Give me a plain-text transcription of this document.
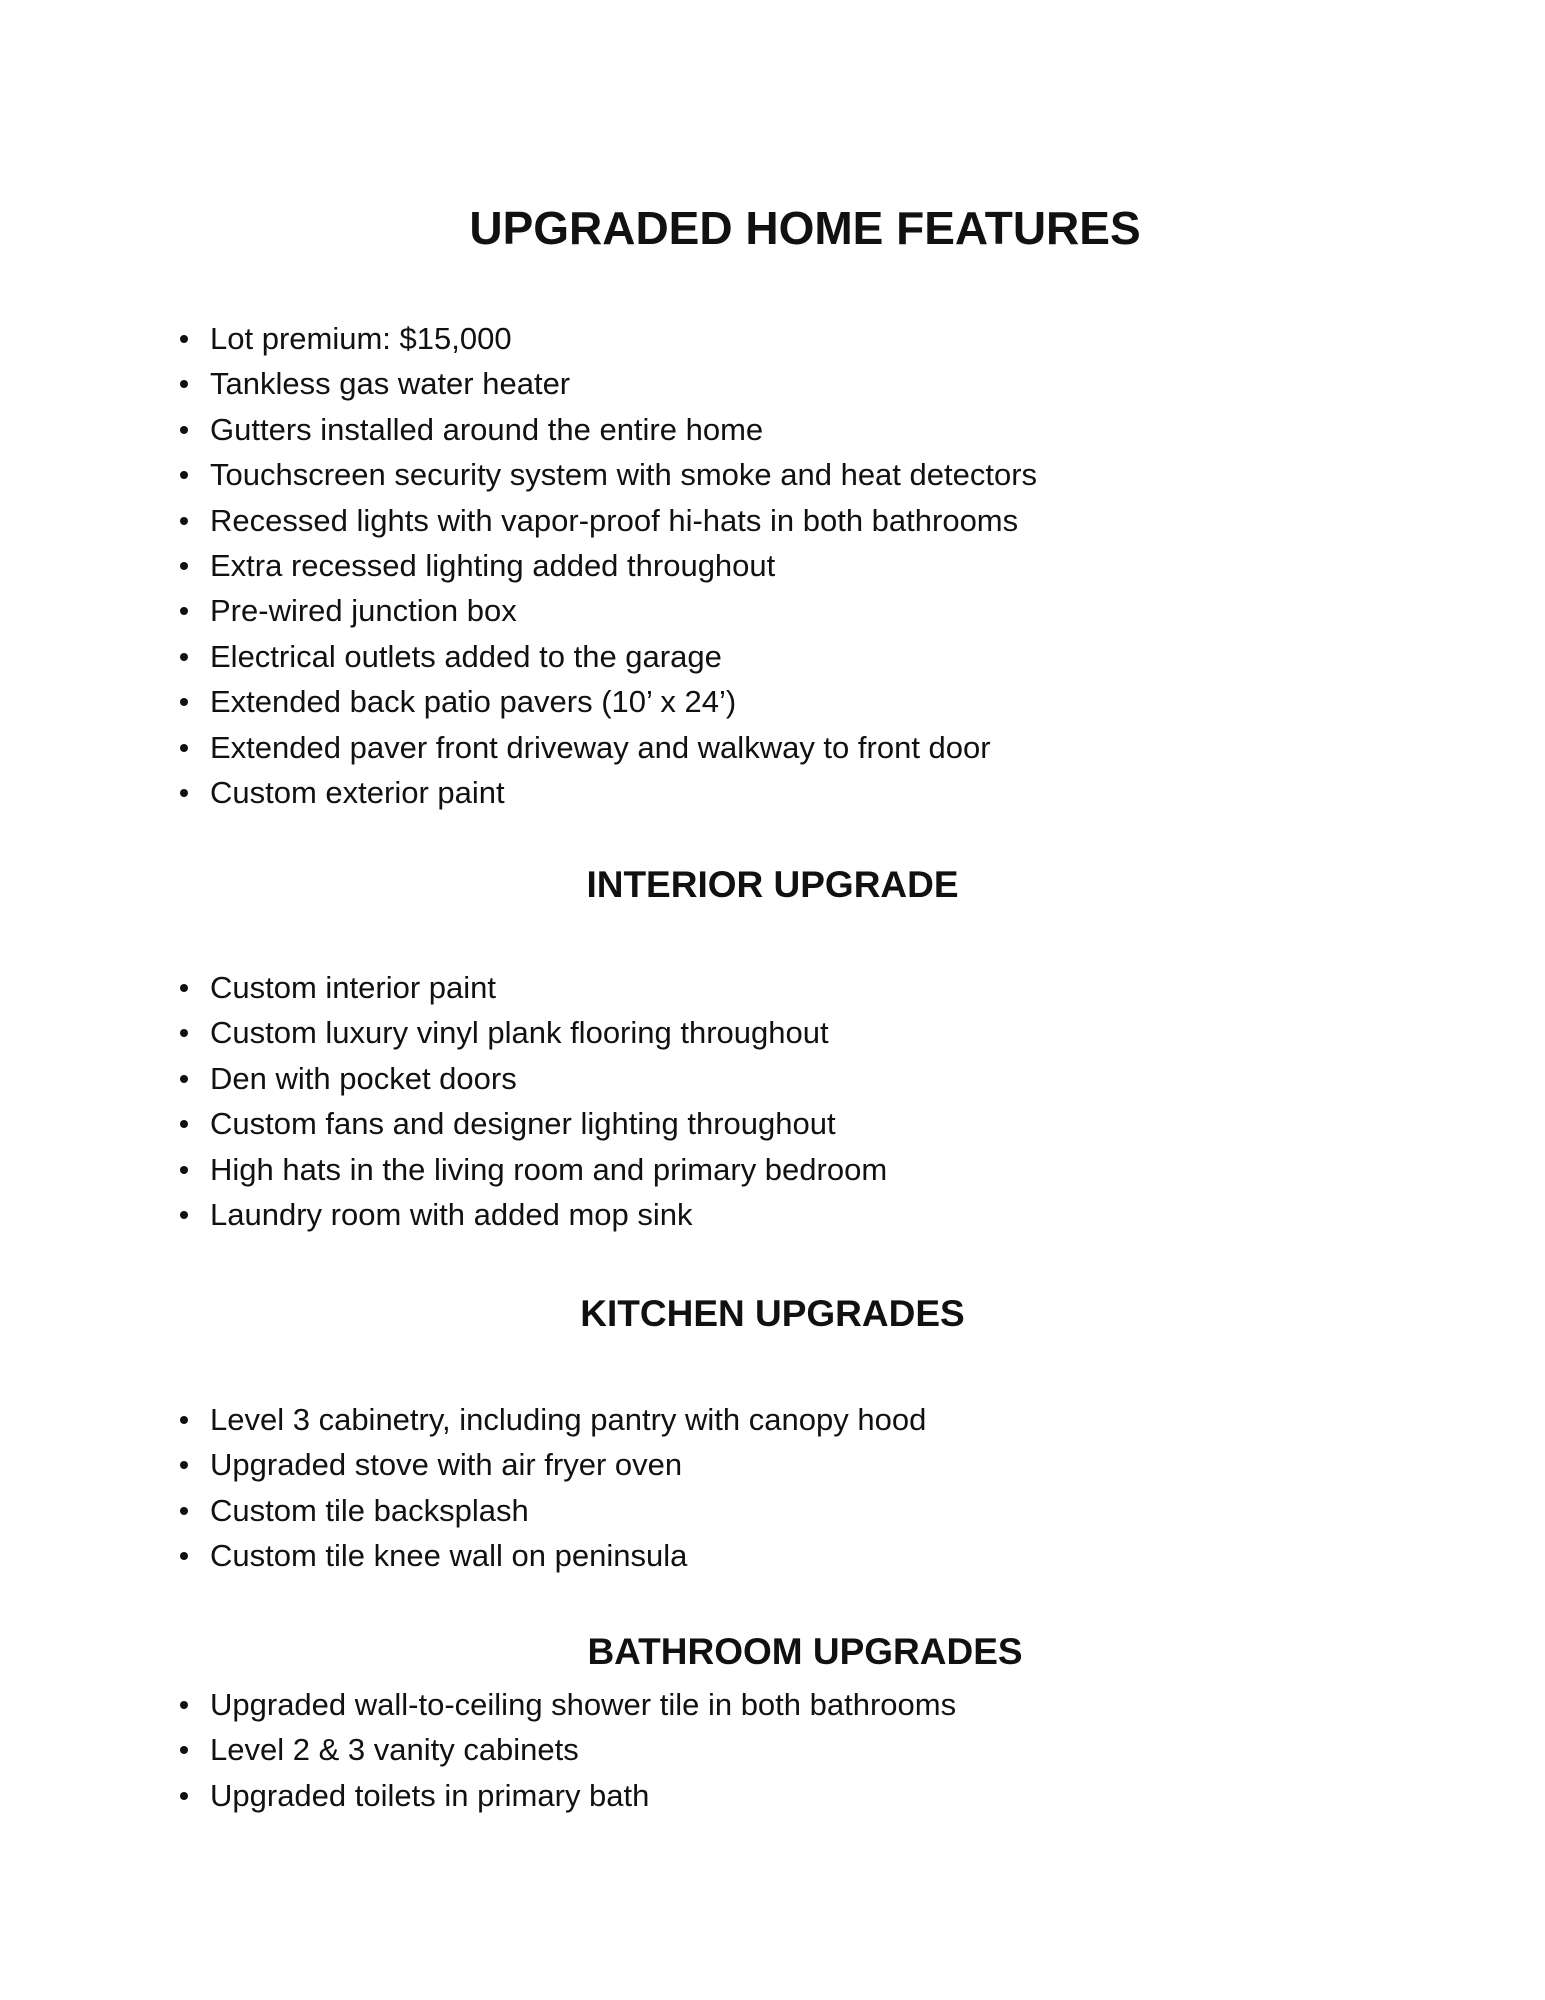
UPGRADED HOME FEATURES
Lot premium: $15,000
Tankless gas water heater
Gutters installed around the entire home
Touchscreen security system with smoke and heat detectors
Recessed lights with vapor-proof hi-hats in both bathrooms
Extra recessed lighting added throughout
Pre-wired junction box
Electrical outlets added to the garage
Extended back patio pavers (10’ x 24’)
Extended paver front driveway and walkway to front door
Custom exterior paint
INTERIOR UPGRADE
Custom interior paint
Custom luxury vinyl plank flooring throughout
Den with pocket doors
Custom fans and designer lighting throughout
High hats in the living room and primary bedroom
Laundry room with added mop sink
KITCHEN UPGRADES
Level 3 cabinetry, including pantry with canopy hood
Upgraded stove with air fryer oven
Custom tile backsplash
Custom tile knee wall on peninsula
BATHROOM UPGRADES
Upgraded wall-to-ceiling shower tile in both bathrooms
Level 2 & 3 vanity cabinets
Upgraded toilets in primary bath
